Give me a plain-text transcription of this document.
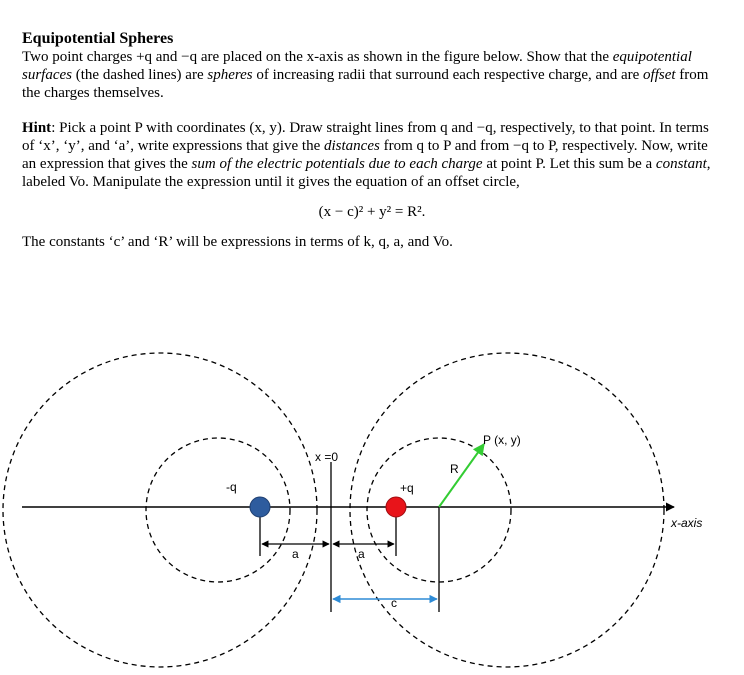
Equipotential Spheres

Two point charges +q and −q are placed on the x-axis as shown in the figure below. Show that the equipotential surfaces (the dashed lines) are spheres of increasing radii that surround each respective charge, and are offset from the charges themselves.

Hint: Pick a point P with coordinates (x, y). Draw straight lines from q and −q, respectively, to that point. In terms of ‘x’, ‘y’, and ‘a’, write expressions that give the distances from q to P and from −q to P, respectively. Now, write an expression that gives the sum of the electric potentials due to each charge at point P. Let this sum be a constant, labeled Vo. Manipulate the expression until it gives the equation of an offset circle,

(x − c)² + y² = R².

The constants ‘c’ and ‘R’ will be expressions in terms of k, q, a, and Vo.

-q	+q
x =0
P (x, y)
R
x-axis
a	a
c
